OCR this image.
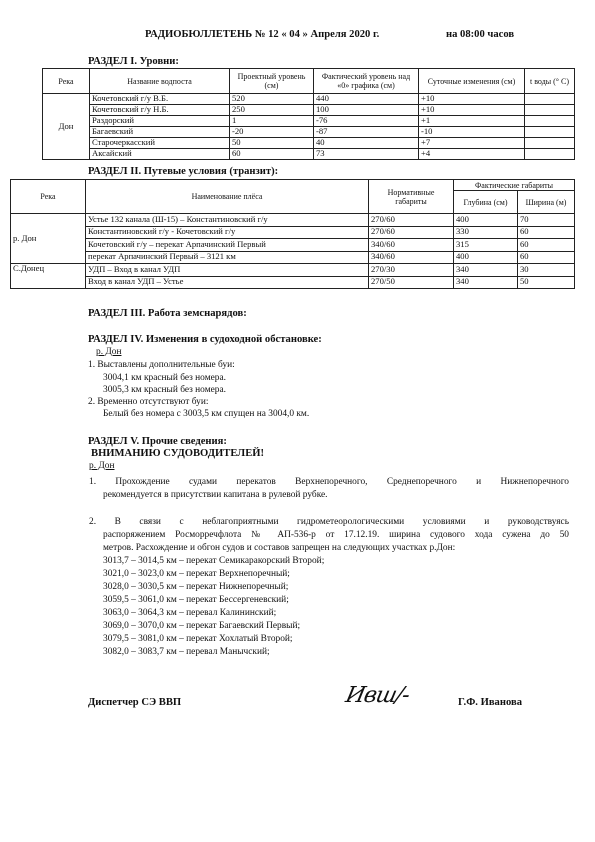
РАДИОБЮЛЛЕТЕНЬ № 12 « 04 » Апреля 2020 г.	на 08:00 часов
РАЗДЕЛ I. Уровни:
Река	Название водпоста	Проектный уровень (см)	Фактический уровень над «0» графика (см)	Суточные изменения (см)	t воды (° С)
Дон	Кочетовский г/у В.Б.	520	440	+10	
	Кочетовский г/у Н.Б.	250	100	+10	
	Раздорский	1	-76	+1	
	Багаевский	-20	-87	-10	
	Старочеркасский	50	40	+7	
	Аксайский	60	73	+4	
РАЗДЕЛ II. Путевые условия (транзит):
Река	Наименование плёса	Нормативные габариты	Фактические габариты	
			Глубина (см)	Ширина (м)
р. Дон	Устье 132 канала (Ш-15) – Константиновский г/у	270/60	400	70
	Константиновский г/у - Кочетовский г/у	270/60	330	60
	Кочетовский г/у – перекат Арпачинский Первый	340/60	315	60
	перекат Арпачинский Первый – 3121 км	340/60	400	60
С.Донец	УДП – Вход в канал УДП	270/30	340	30
	Вход в канал УДП – Устье	270/50	340	50
РАЗДЕЛ III. Работа земснарядов:
РАЗДЕЛ IV. Изменения в судоходной обстановке:
р. Дон
1. Выставлены дополнительные буи:
3004,1 км красный без номера.
3005,3 км красный без номера.
2. Временно отсутствуют буи:
Белый без номера с 3003,5 км спущен на 3004,0 км.
РАЗДЕЛ V. Прочие сведения:
ВНИМАНИЮ СУДОВОДИТЕЛЕЙ!
р. Дон
1. Прохождение судами перекатов Верхнепоречного, Среднепоречного и Нижнепоречного
рекомендуется в присутствии капитана в рулевой рубке.
2. В связи с неблагоприятными гидрометеорологическими условиями и руководствуясь
распоряжением Росморречфлота № АП-536-р от 17.12.19. ширина судового хода сужена до 50
метров. Расхождение и обгон судов и составов запрещен на следующих участках р.Дон:
3013,7 – 3014,5 км – перекат Семикаракорский Второй;
3021,0 – 3023,0 км – перекат Верхнепоречный;
3028,0 – 3030,5 км – перекат Нижнепоречный;
3059,5 – 3061,0 км – перекат Бессергеневский;
3063,0 – 3064,3 км – перевал Калининский;
3069,0 – 3070,0 км – перекат Багаевский Первый;
3079,5 – 3081,0 км – перекат Хохлатый Второй;
3082,0 – 3083,7 км – перевал Манычский;
Диспетчер СЭ ВВП	Ивш/-	Г.Ф. Иванова
